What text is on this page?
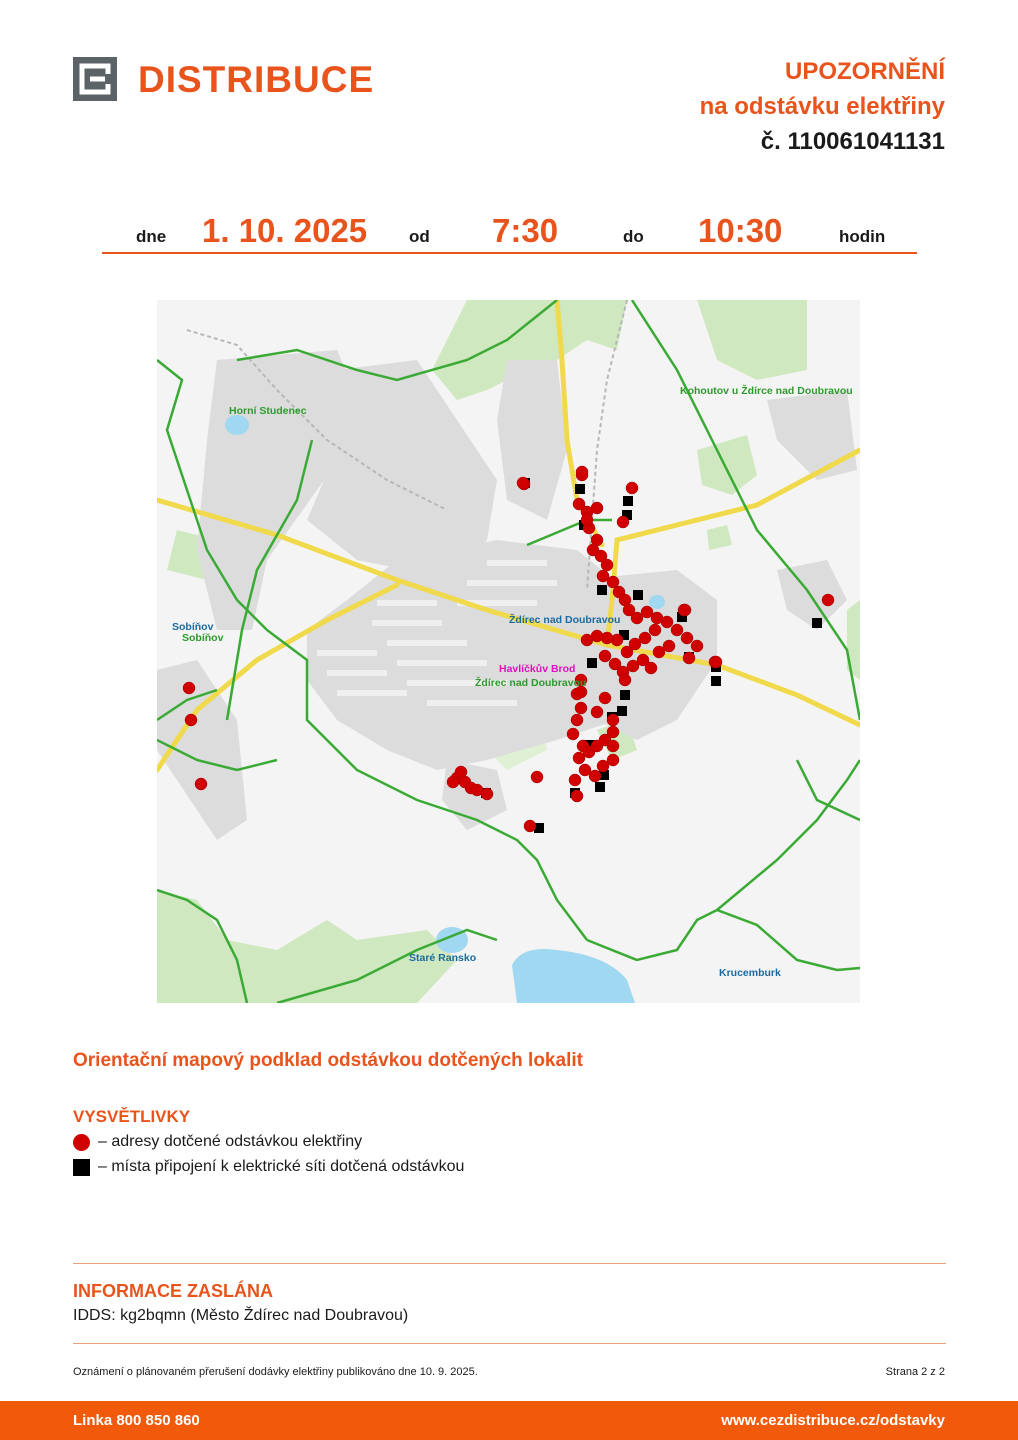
DISTRIBUCE	UPOZORNĚNÍ
na odstávku elektřiny
č. 110061041131
dne 1. 10. 2025 od 7:30	do 10:30	hodin
Horní Studenec
Kohoutov u Ždírce nad Doubravou
Sobíňov
Sobíňov
Ždírec nad Doubravou
Havlíčkův Brod
Ždírec nad Doubravou
Staré Ransko
Krucemburk
Orientační mapový podklad odstávkou dotčených lokalit
VYSVĚTLIVKY
– adresy dotčené odstávkou elektřiny
– místa připojení k elektrické síti dotčená odstávkou
INFORMACE ZASLÁNA
IDDS: kg2bqmn (Město Ždírec nad Doubravou)
Oznámení o plánovaném přerušení dodávky elektřiny publikováno dne 10. 9. 2025.	Strana 2 z 2
Linka 800 850 860	www.cezdistribuce.cz/odstavky
